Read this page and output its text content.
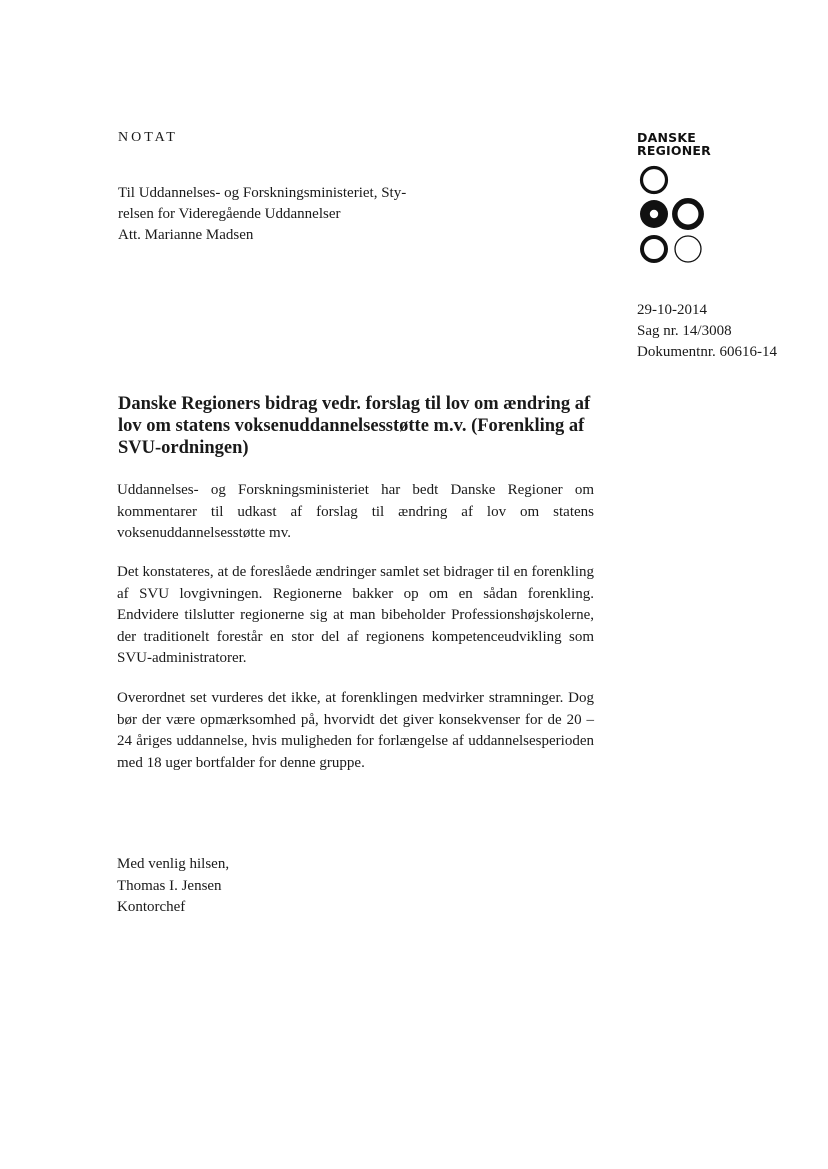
NOTAT
Til Uddannelses- og Forskningsministeriet, Sty-
relsen for Videregående Uddannelser
Att. Marianne Madsen
DANSKE
REGIONER
29-10-2014
Sag nr. 14/3008
Dokumentnr. 60616-14
Danske Regioners bidrag vedr. forslag til lov om ændring af lov om statens voksenuddannelsesstøtte m.v. (Forenkling af SVU-ordningen)
Uddannelses- og Forskningsministeriet har bedt Danske Regioner om kommentarer til udkast af forslag til ændring af lov om statens voksenuddannelsesstøtte mv.
Det konstateres, at de foreslåede ændringer samlet set bidrager til en forenkling af SVU lovgivningen. Regionerne bakker op om en sådan forenkling. Endvidere tilslutter regionerne sig at man bibeholder Professionshøjskolerne, der traditionelt forestår en stor del af regionens kompetenceudvikling som SVU-administratorer.
Overordnet set vurderes det ikke, at forenklingen medvirker stramninger. Dog bør der være opmærksomhed på, hvorvidt det giver konsekvenser for de 20 – 24 åriges uddannelse, hvis muligheden for forlængelse af uddannelsesperioden med 18 uger bortfalder for denne gruppe.
Med venlig hilsen,
Thomas I. Jensen
Kontorchef
